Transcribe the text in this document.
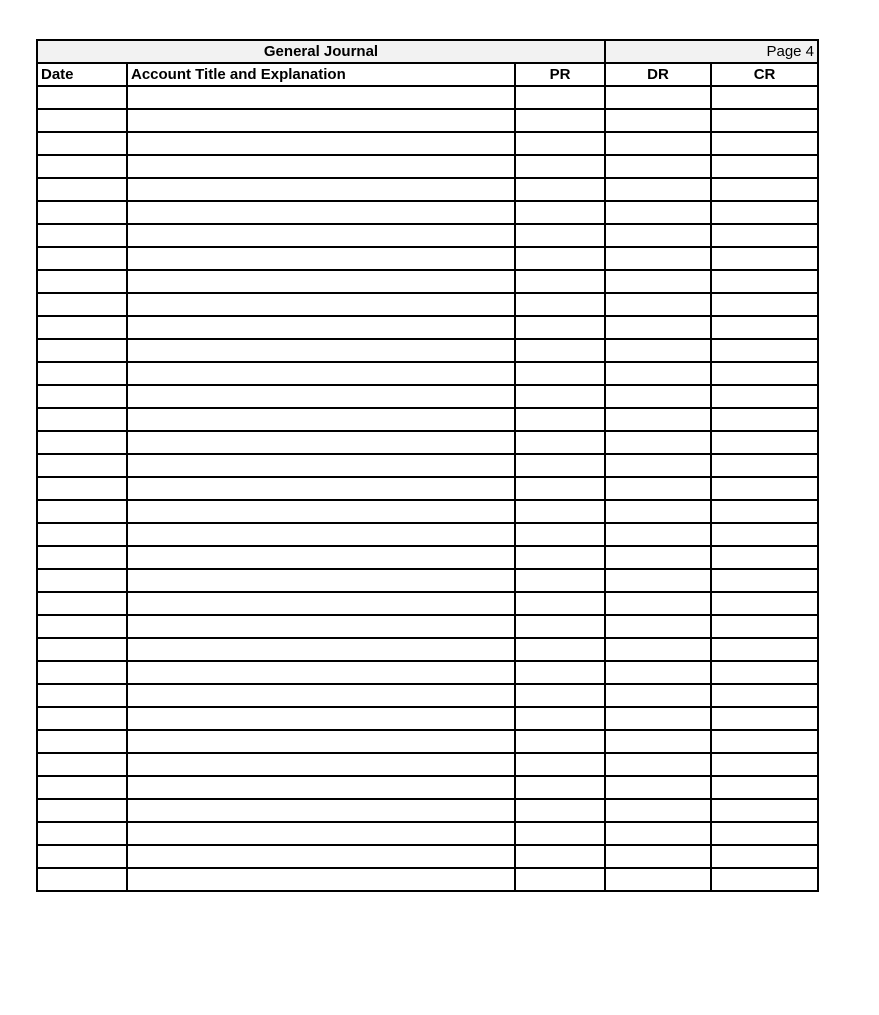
General Journal			Page 4	
Date	Account Title and Explanation	PR	DR	CR
